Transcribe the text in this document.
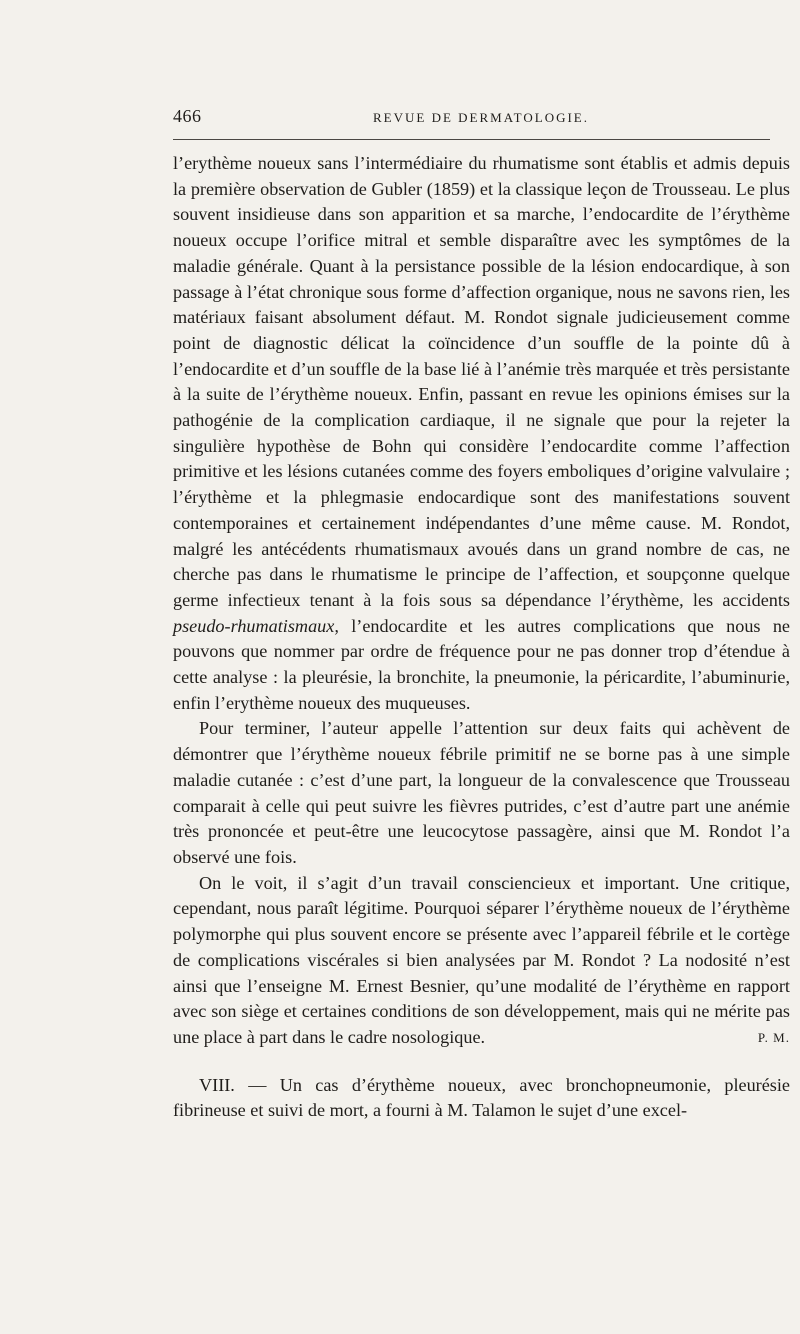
466	REVUE DE DERMATOLOGIE.

l’erythème noueux sans l’intermédiaire du rhumatisme sont établis et admis depuis la première observation de Gubler (1859) et la classique leçon de Trousseau. Le plus souvent insidieuse dans son apparition et sa marche, l’endocardite de l’érythème noueux occupe l’orifice mitral et semble disparaître avec les symptômes de la maladie générale. Quant à la persistance possible de la lésion endocardique, à son passage à l’état chronique sous forme d’affection organique, nous ne savons rien, les matériaux faisant absolument défaut. M. Rondot signale judicieusement comme point de diagnostic délicat la coïncidence d’un souffle de la pointe dû à l’endocardite et d’un souffle de la base lié à l’anémie très marquée et très persistante à la suite de l’érythème noueux. Enfin, passant en revue les opinions émises sur la pathogénie de la complication cardiaque, il ne signale que pour la rejeter la singulière hypothèse de Bohn qui considère l’endocardite comme l’affection primitive et les lésions cutanées comme des foyers emboliques d’origine valvulaire ; l’érythème et la phlegmasie endocardique sont des manifestations souvent contemporaines et certainement indépendantes d’une même cause. M. Rondot, malgré les antécédents rhumatismaux avoués dans un grand nombre de cas, ne cherche pas dans le rhumatisme le principe de l’affection, et soupçonne quelque germe infectieux tenant à la fois sous sa dépendance l’érythème, les accidents pseudo-rhumatismaux, l’endocardite et les autres complications que nous ne pouvons que nommer par ordre de fréquence pour ne pas donner trop d’étendue à cette analyse : la pleurésie, la bronchite, la pneumonie, la péricardite, l’abuminurie, enfin l’erythème noueux des muqueuses.

Pour terminer, l’auteur appelle l’attention sur deux faits qui achèvent de démontrer que l’érythème noueux fébrile primitif ne se borne pas à une simple maladie cutanée : c’est d’une part, la longueur de la convalescence que Trousseau comparait à celle qui peut suivre les fièvres putrides, c’est d’autre part une anémie très prononcée et peut-être une leucocytose passagère, ainsi que M. Rondot l’a observé une fois.

On le voit, il s’agit d’un travail consciencieux et important. Une critique, cependant, nous paraît légitime. Pourquoi séparer l’érythème noueux de l’érythème polymorphe qui plus souvent encore se présente avec l’appareil fébrile et le cortège de complications viscérales si bien analysées par M. Rondot ? La nodosité n’est ainsi que l’enseigne M. Ernest Besnier, qu’une modalité de l’érythème en rapport avec son siège et certaines conditions de son développement, mais qui ne mérite pas une place à part dans le cadre nosologique.	P. M.

VIII. — Un cas d’érythème noueux, avec bronchopneumonie, pleurésie fibrineuse et suivi de mort, a fourni à M. Talamon le sujet d’une excel-
